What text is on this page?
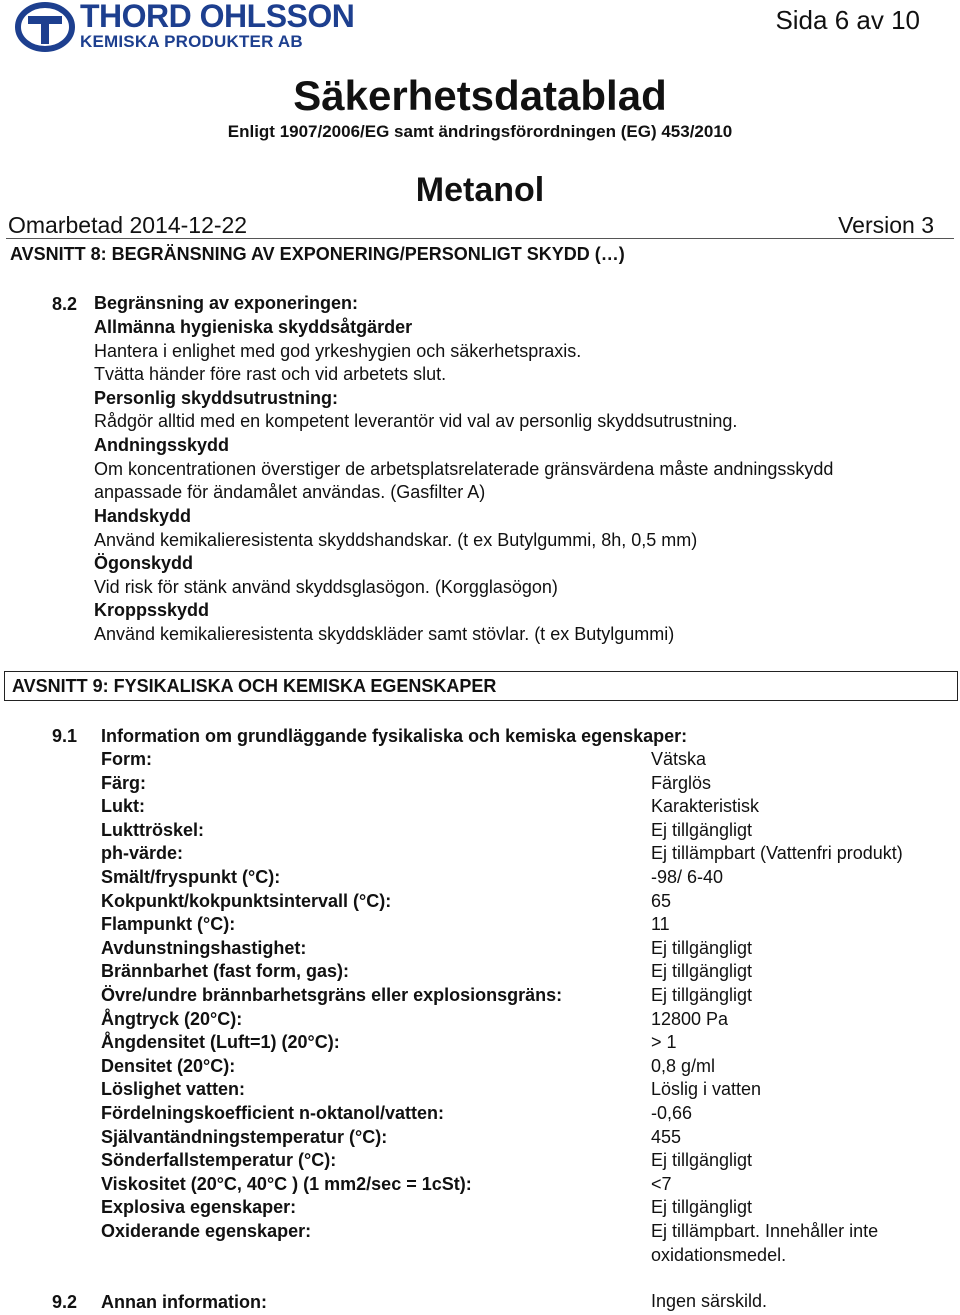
THORD OHLSSON
KEMISKA PRODUKTER AB
Sida 6 av 10
Säkerhetsdatablad
Enligt 1907/2006/EG samt ändringsförordningen (EG) 453/2010
Metanol
Omarbetad 2014-12-22	Version 3
AVSNITT 8: BEGRÄNSNING AV EXPONERING/PERSONLIGT SKYDD (…)
8.2 Begränsning av exponeringen:
Allmänna hygieniska skyddsåtgärder
Hantera i enlighet med god yrkeshygien och säkerhetspraxis.
Tvätta händer före rast och vid arbetets slut.
Personlig skyddsutrustning:
Rådgör alltid med en kompetent leverantör vid val av personlig skyddsutrustning.
Andningsskydd
Om koncentrationen överstiger de arbetsplatsrelaterade gränsvärdena måste andningsskydd
anpassade för ändamålet användas. (Gasfilter A)
Handskydd
Använd kemikalieresistenta skyddshandskar. (t ex Butylgummi, 8h, 0,5 mm)
Ögonskydd
Vid risk för stänk använd skyddsglasögon. (Korgglasögon)
Kroppsskydd
Använd kemikalieresistenta skyddskläder samt stövlar. (t ex Butylgummi)
AVSNITT 9: FYSIKALISKA OCH KEMISKA EGENSKAPER
9.1 Information om grundläggande fysikaliska och kemiska egenskaper:
Form:	Vätska
Färg:	Färglös
Lukt:	Karakteristisk
Lukttröskel:	Ej tillgängligt
ph-värde:	Ej tillämpbart (Vattenfri produkt)
Smält/fryspunkt (°C):	-98/ 6-40
Kokpunkt/kokpunktsintervall (°C):	65
Flampunkt (°C):	11
Avdunstningshastighet:	Ej tillgängligt
Brännbarhet (fast form, gas):	Ej tillgängligt
Övre/undre brännbarhetsgräns eller explosionsgräns:	Ej tillgängligt
Ångtryck (20°C):	12800 Pa
Ångdensitet (Luft=1) (20°C):	> 1
Densitet (20°C):	0,8 g/ml
Löslighet vatten:	Löslig i vatten
Fördelningskoefficient n-oktanol/vatten:	-0,66
Självantändningstemperatur (°C):	455
Sönderfallstemperatur (°C):	Ej tillgängligt
Viskositet (20°C, 40°C ) (1 mm2/sec = 1cSt):	<7
Explosiva egenskaper:	Ej tillgängligt
Oxiderande egenskaper:	Ej tillämpbart. Innehåller inte
oxidationsmedel.
9.2 Annan information:	Ingen särskild.
